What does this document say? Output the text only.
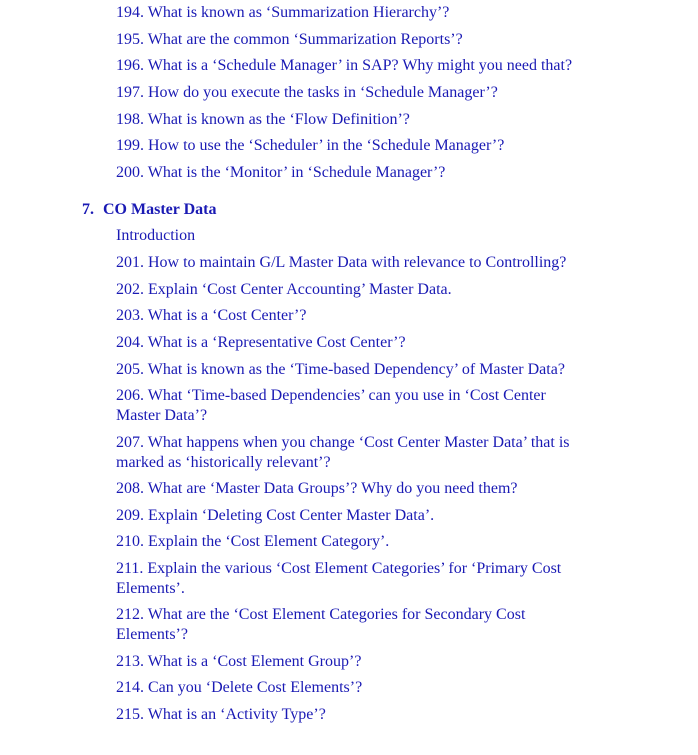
194. What is known as ‘Summarization Hierarchy’?
195. What are the common ‘Summarization Reports’?
196. What is a ‘Schedule Manager’ in SAP? Why might you need that?
197. How do you execute the tasks in ‘Schedule Manager’?
198. What is known as the ‘Flow Definition’?
199. How to use the ‘Scheduler’ in the ‘Schedule Manager’?
200. What is the ‘Monitor’ in ‘Schedule Manager’?
7. CO Master Data
Introduction
201. How to maintain G/L Master Data with relevance to Controlling?
202. Explain ‘Cost Center Accounting’ Master Data.
203. What is a ‘Cost Center’?
204. What is a ‘Representative Cost Center’?
205. What is known as the ‘Time-based Dependency’ of Master Data?
206. What ‘Time-based Dependencies’ can you use in ‘Cost Center Master Data’?
207. What happens when you change ‘Cost Center Master Data’ that is marked as ‘historically relevant’?
208. What are ‘Master Data Groups’? Why do you need them?
209. Explain ‘Deleting Cost Center Master Data’.
210. Explain the ‘Cost Element Category’.
211. Explain the various ‘Cost Element Categories’ for ‘Primary Cost Elements’.
212. What are the ‘Cost Element Categories for Secondary Cost Elements’?
213. What is a ‘Cost Element Group’?
214. Can you ‘Delete Cost Elements’?
215. What is an ‘Activity Type’?
